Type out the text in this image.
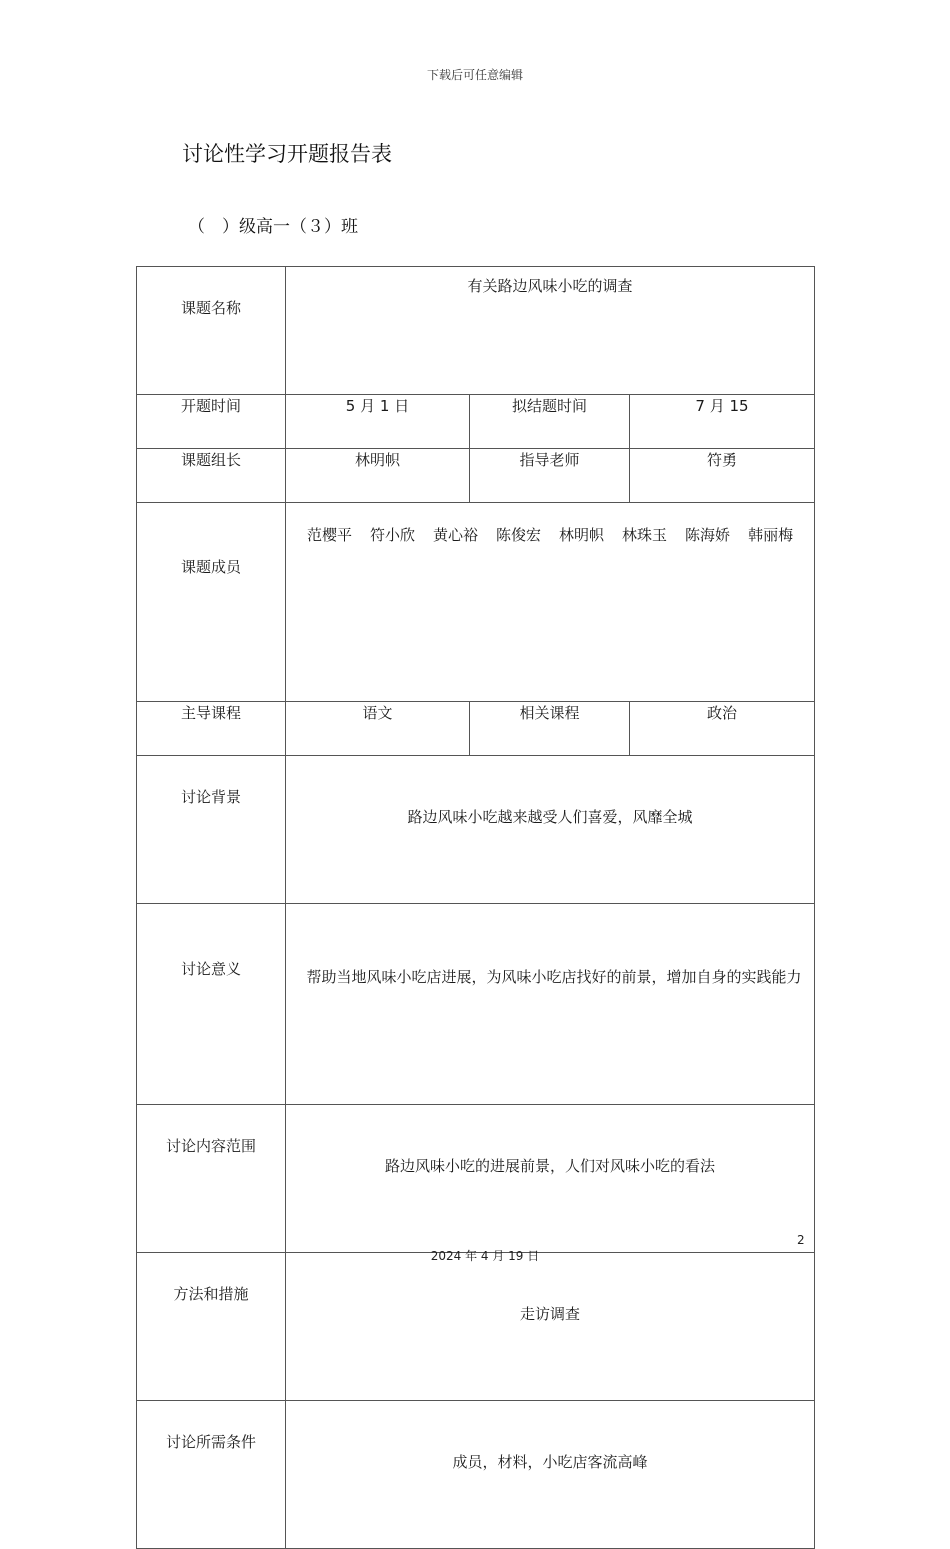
下载后可任意编辑
讨论性学习开题报告表
（　）级高一（３）班
课题名称	有关路边风味小吃的调查		
开题时间	5 月 1 日	拟结题时间	7 月 15
课题组长	林明帜	指导老师	符勇
课题成员	范樱平 符小欣 黄心裕 陈俊宏 林明帜 林珠玉 陈海娇 韩丽梅		
主导课程	语文	相关课程	政治
讨论背景	路边风味小吃越来越受人们喜爱，风靡全城		
讨论意义	帮助当地风味小吃店进展，为风味小吃店找好的前景，增加自身的实践能力		
讨论内容范围	路边风味小吃的进展前景，人们对风味小吃的看法		
方法和措施	走访调查		
讨论所需条件	成员，材料，小吃店客流高峰		
2
2024 年 4 月 19 日
